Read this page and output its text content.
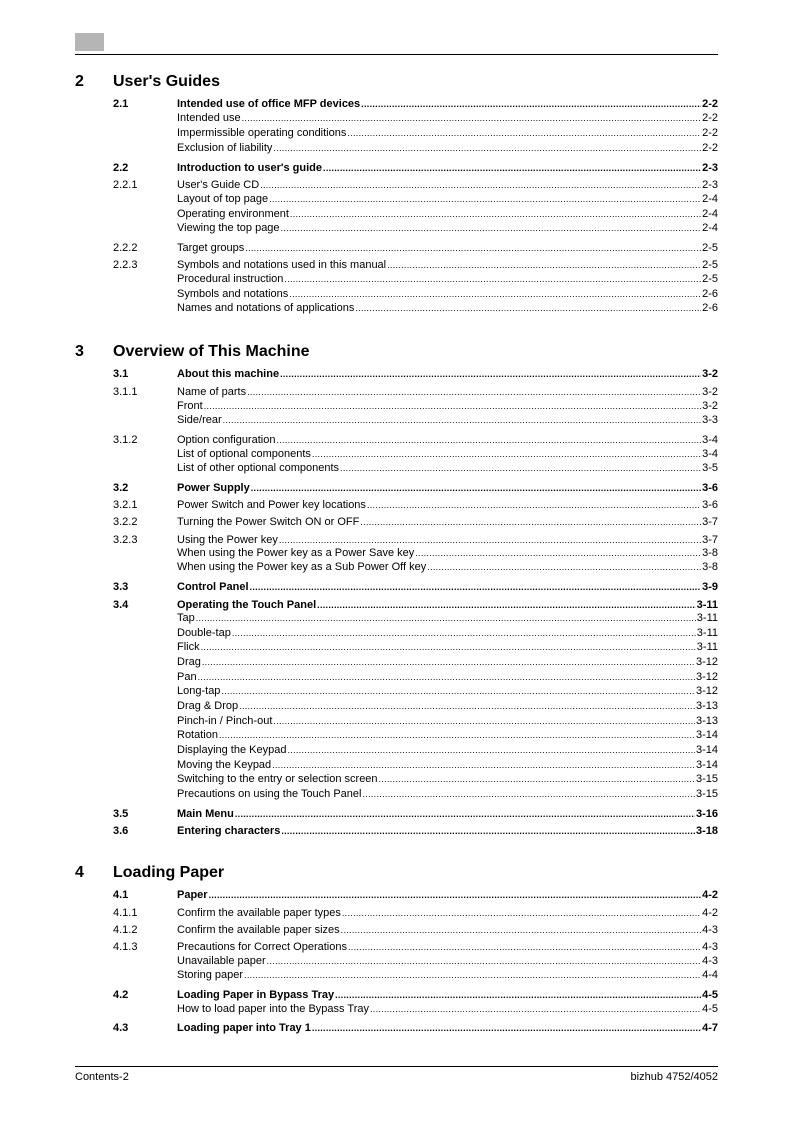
2 User's Guides
2.1	Intended use of office MFP devices .....	2-2
Intended use .....	2-2
Impermissible operating conditions .....	2-2
Exclusion of liability .....	2-2
2.2	Introduction to user's guide .....	2-3
2.2.1	User's Guide CD .....	2-3
Layout of top page .....	2-4
Operating environment .....	2-4
Viewing the top page .....	2-4
2.2.2	Target groups .....	2-5
2.2.3	Symbols and notations used in this manual .....	2-5
Procedural instruction .....	2-5
Symbols and notations .....	2-6
Names and notations of applications .....	2-6
3 Overview of This Machine
3.1	About this machine .....	3-2
3.1.1	Name of parts .....	3-2
Front .....	3-2
Side/rear .....	3-3
3.1.2	Option configuration .....	3-4
List of optional components .....	3-4
List of other optional components .....	3-5
3.2	Power Supply .....	3-6
3.2.1	Power Switch and Power key locations .....	3-6
3.2.2	Turning the Power Switch ON or OFF .....	3-7
3.2.3	Using the Power key .....	3-7
When using the Power key as a Power Save key .....	3-8
When using the Power key as a Sub Power Off key .....	3-8
3.3	Control Panel .....	3-9
3.4	Operating the Touch Panel .....	3-11
Tap .....	3-11
Double-tap .....	3-11
Flick .....	3-11
Drag .....	3-12
Pan .....	3-12
Long-tap .....	3-12
Drag & Drop .....	3-13
Pinch-in / Pinch-out .....	3-13
Rotation .....	3-14
Displaying the Keypad .....	3-14
Moving the Keypad .....	3-14
Switching to the entry or selection screen .....	3-15
Precautions on using the Touch Panel .....	3-15
3.5	Main Menu .....	3-16
3.6	Entering characters .....	3-18
4 Loading Paper
4.1	Paper .....	4-2
4.1.1	Confirm the available paper types .....	4-2
4.1.2	Confirm the available paper sizes .....	4-3
4.1.3	Precautions for Correct Operations .....	4-3
Unavailable paper .....	4-3
Storing paper .....	4-4
4.2	Loading Paper in Bypass Tray .....	4-5
How to load paper into the Bypass Tray .....	4-5
4.3	Loading paper into Tray 1 .....	4-7
Contents-2	bizhub 4752/4052
